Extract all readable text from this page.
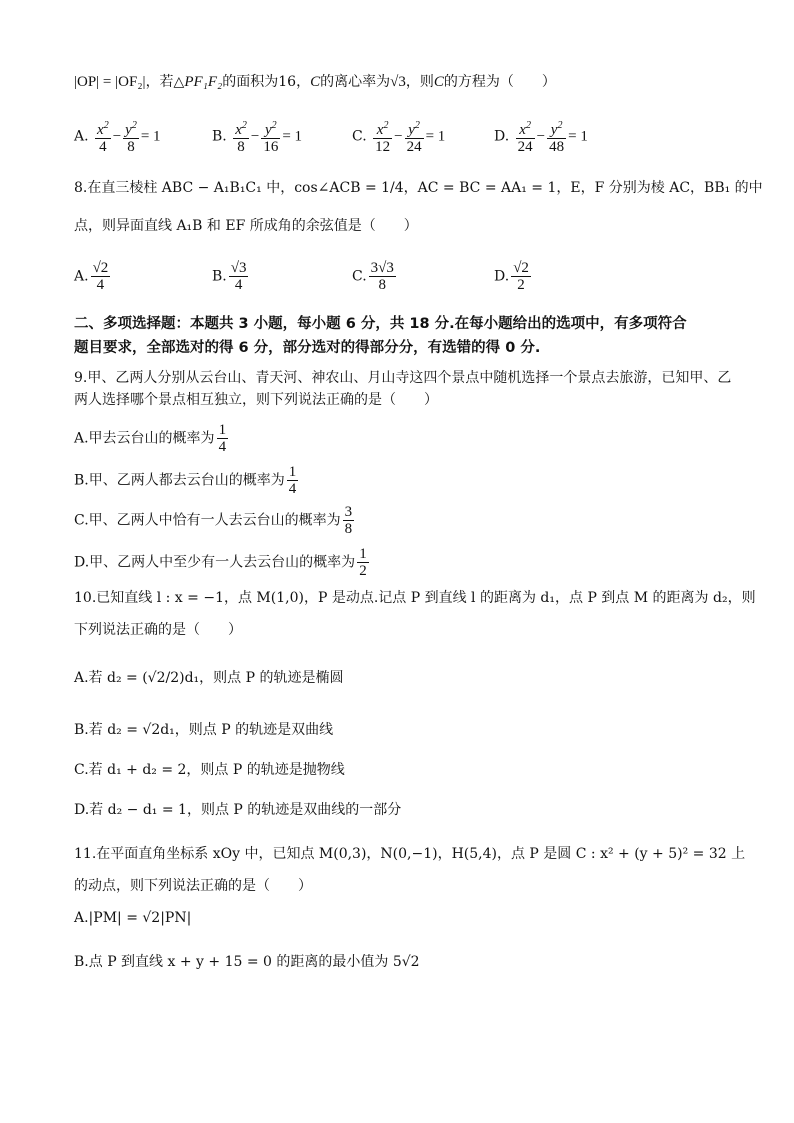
|OP| = |OF₂|，若△PF₁F₂的面积为16，C的离心率为√3，则C的方程为（　　）
A. $\frac{x^2}{4} - \frac{y^2}{8} = 1$	B. $\frac{x^2}{8} - \frac{y^2}{16} = 1$	C. $\frac{x^2}{12} - \frac{y^2}{24} = 1$	D. $\frac{x^2}{24} - \frac{y^2}{48} = 1$
8.在直三棱柱 ABC − A₁B₁C₁ 中，cos∠ACB = 1/4，AC = BC = AA₁ = 1，E，F 分别为棱 AC，BB₁ 的中
点，则异面直线 A₁B 和 EF 所成角的余弦值是（　　）
A. $\frac{√2}{4}$	B. $\frac{√3}{4}$	C. $\frac{3√3}{8}$	D. $\frac{√2}{2}$
二、多项选择题：本题共 3 小题，每小题 6 分，共 18 分.在每小题给出的选项中，有多项符合
题目要求，全部选对的得 6 分，部分选对的得部分分，有选错的得 0 分.
9.甲、乙两人分别从云台山、青天河、神农山、月山寺这四个景点中随机选择一个景点去旅游，已知甲、乙
两人选择哪个景点相互独立，则下列说法正确的是（　　）
A.甲去云台山的概率为 $\frac{1}{4}$
B.甲、乙两人都去云台山的概率为 $\frac{1}{4}$
C.甲、乙两人中恰有一人去云台山的概率为 $\frac{3}{8}$
D.甲、乙两人中至少有一人去云台山的概率为 $\frac{1}{2}$
10.已知直线 l : x = −1，点 M(1,0)，P 是动点.记点 P 到直线 l 的距离为 d₁，点 P 到点 M 的距离为 d₂，则
下列说法正确的是（　　）
A.若 d₂ = (√2/2)d₁，则点 P 的轨迹是椭圆
B.若 d₂ = √2d₁，则点 P 的轨迹是双曲线
C.若 d₁ + d₂ = 2，则点 P 的轨迹是抛物线
D.若 d₂ − d₁ = 1，则点 P 的轨迹是双曲线的一部分
11.在平面直角坐标系 xOy 中，已知点 M(0,3)，N(0,−1)，H(5,4)，点 P 是圆 C : x² + (y + 5)² = 32 上
的动点，则下列说法正确的是（　　）
A.|PM| = √2|PN|
B.点 P 到直线 x + y + 15 = 0 的距离的最小值为 5√2
